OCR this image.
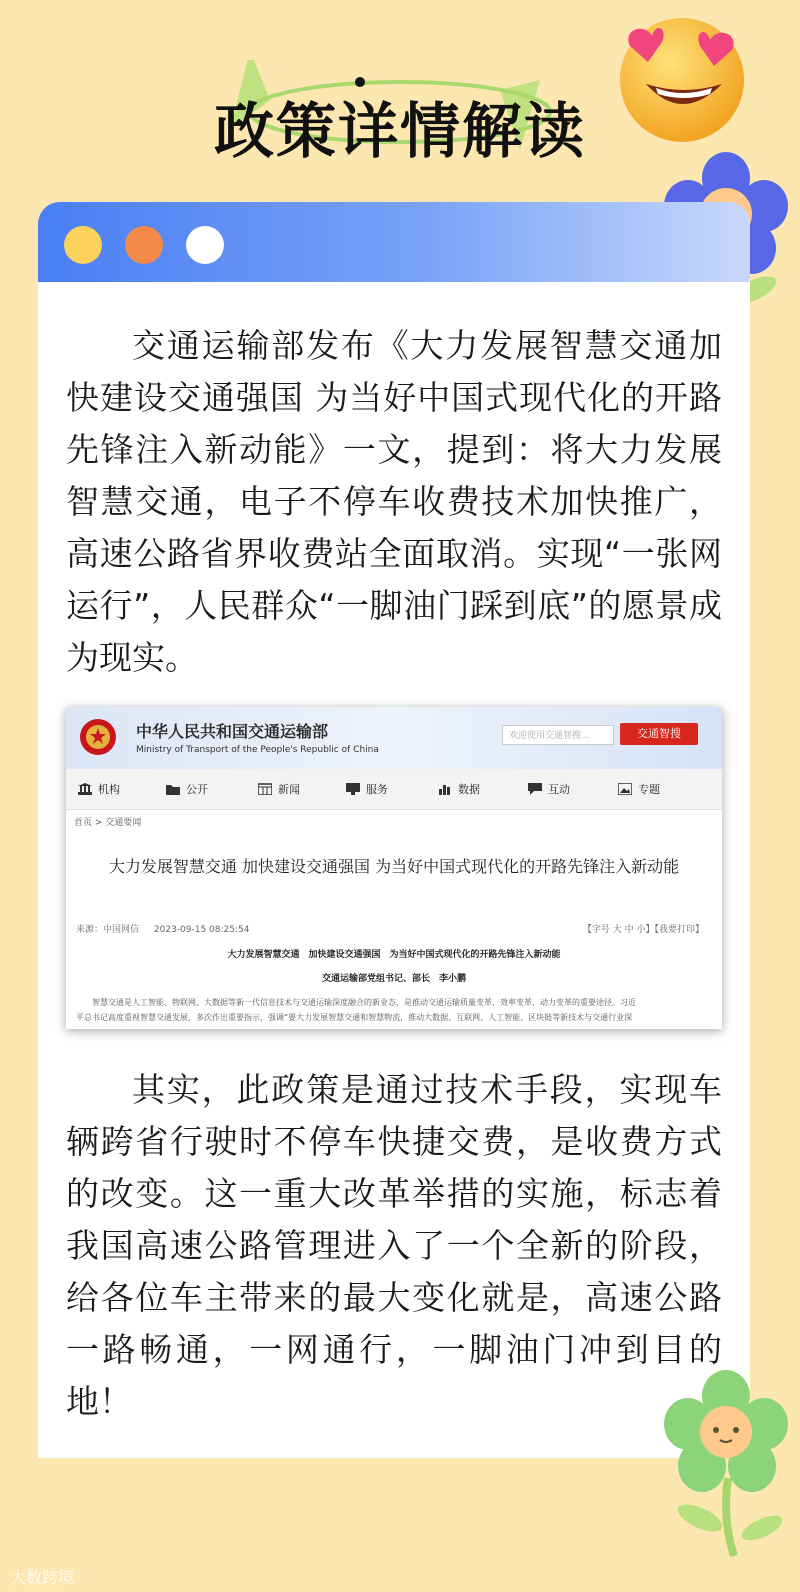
政策详情解读

交通运输部发布《大力发展智慧交通加快建设交通强国 为当好中国式现代化的开路先锋注入新动能》一文，提到：将大力发展智慧交通，电子不停车收费技术加快推广，高速公路省界收费站全面取消。实现“一张网运行”，人民群众“一脚油门踩到底”的愿景成为现实。

中华人民共和国交通运输部
Ministry of Transport of the People's Republic of China
欢迎使用交通智搜...	交通智搜
机构	公开	新闻	服务	数据	互动	专题
首页 > 交通要闻
大力发展智慧交通 加快建设交通强国 为当好中国式现代化的开路先锋注入新动能
来源：中国网信 2023-09-15 08:25:54	【字号 大 中 小】【我要打印】
大力发展智慧交通　加快建设交通强国　为当好中国式现代化的开路先锋注入新动能
交通运输部党组书记、部长　李小鹏
智慧交通是人工智能、物联网、大数据等新一代信息技术与交通运输深度融合的新业态，是推动交通运输质量变革、效率变革、动力变革的重要途径。习近
平总书记高度重视智慧交通发展，多次作出重要指示，强调“要大力发展智慧交通和智慧物流，推动大数据、互联网、人工智能、区块链等新技术与交通行业深

其实，此政策是通过技术手段，实现车辆跨省行驶时不停车快捷交费，是收费方式的改变。这一重大改革举措的实施，标志着我国高速公路管理进入了一个全新的阶段，给各位车主带来的最大变化就是，高速公路一路畅通，一网通行，一脚油门冲到目的地！

大数跨境
